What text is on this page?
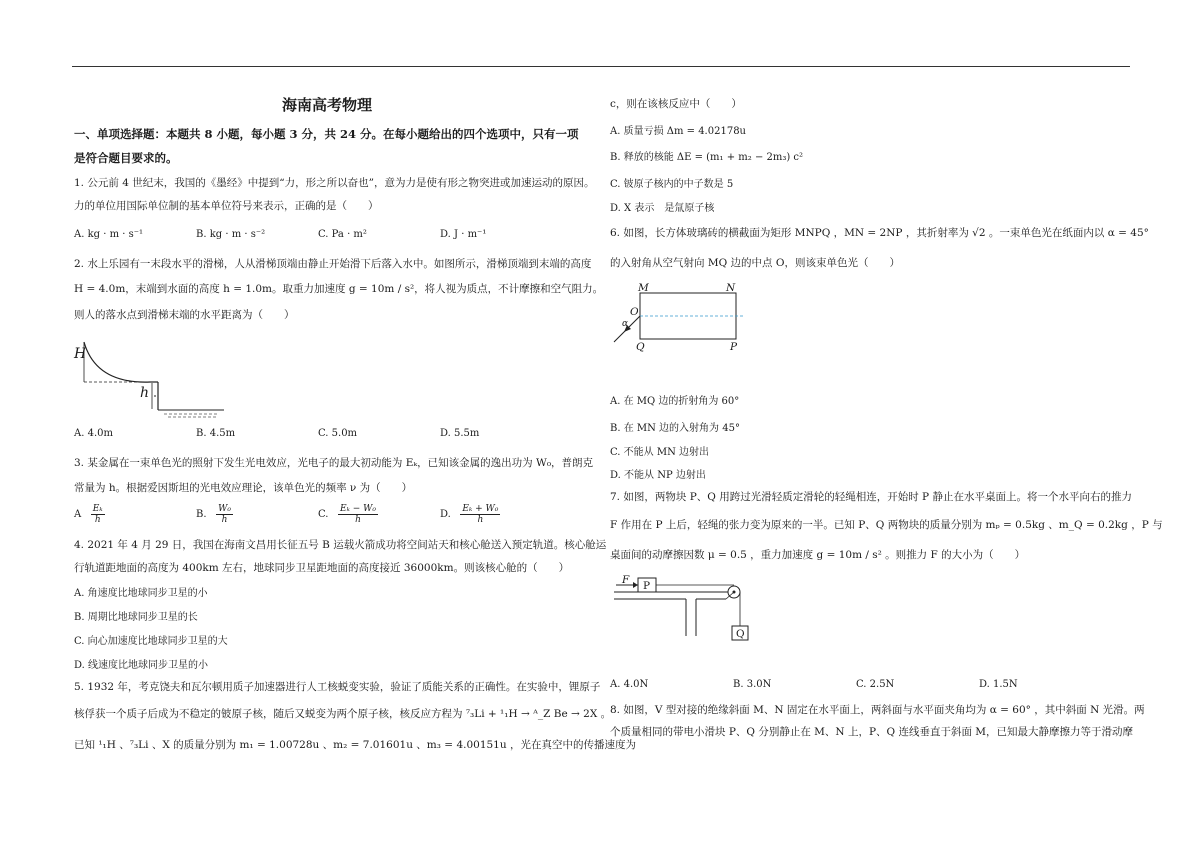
海南高考物理
一、单项选择题：本题共 8 小题，每小题 3 分，共 24 分。在每小题给出的四个选项中，只有一项
是符合题目要求的。
1. 公元前 4 世纪末，我国的《墨经》中提到“力，形之所以奋也”，意为力是使有形之物突进或加速运动的原因。
力的单位用国际单位制的基本单位符号来表示，正确的是（　　）
A. kg · m · s⁻¹	B. kg · m · s⁻²	C. Pa · m²	D. J · m⁻¹
2. 水上乐园有一末段水平的滑梯，人从滑梯顶端由静止开始滑下后落入水中。如图所示，滑梯顶端到末端的高度
H = 4.0m，末端到水面的高度 h = 1.0m。取重力加速度 g = 10m / s²，将人视为质点，不计摩擦和空气阻力。
则人的落水点到滑梯末端的水平距离为（　　）
H
h
A. 4.0m	B. 4.5m	C. 5.0m	D. 5.5m
3. 某金属在一束单色光的照射下发生光电效应，光电子的最大初动能为 Eₖ，已知该金属的逸出功为 W₀，普朗克
常量为 h。根据爱因斯坦的光电效应理论，该单色光的频率 ν 为（　　）
A $\frac{\text{Eₖ}}{h}$	B. $\frac{\text{W₀}}{h}$	C. $\frac{\text{Eₖ − W₀}}{h}$	D. $\frac{\text{Eₖ + W₀}}{h}$
4. 2021 年 4 月 29 日，我国在海南文昌用长征五号 B 运载火箭成功将空间站天和核心舱送入预定轨道。核心舱运
行轨道距地面的高度为 400km 左右，地球同步卫星距地面的高度接近 36000km。则该核心舱的（　　）
A. 角速度比地球同步卫星的小
B. 周期比地球同步卫星的长
C. 向心加速度比地球同步卫星的大
D. 线速度比地球同步卫星的小
5. 1932 年，考克饶夫和瓦尔顿用质子加速器进行人工核蜕变实验，验证了质能关系的正确性。在实验中，锂原子
核俘获一个质子后成为不稳定的铍原子核，随后又蜕变为两个原子核，核反应方程为 ⁷₃Li + ¹₁H → ᴬ_Z Be → 2X 。
已知 ¹₁H 、⁷₃Li 、X 的质量分别为 m₁ = 1.00728u 、m₂ = 7.01601u 、m₃ = 4.00151u ，光在真空中的传播速度为
c，则在该核反应中（　　）
A. 质量亏损 Δm = 4.02178u
B. 释放的核能 ΔE = (m₁ + m₂ − 2m₃) c²
C. 铍原子核内的中子数是 5
D. X 表示　是氚原子核
6. 如图，长方体玻璃砖的横截面为矩形 MNPQ ，MN = 2NP ，其折射率为 √2 。一束单色光在纸面内以 α = 45°
的入射角从空气射向 MQ 边的中点 O，则该束单色光（　　）
M	N
O
α
Q	P
A. 在 MQ 边的折射角为 60°
B. 在 MN 边的入射角为 45°
C. 不能从 MN 边射出
D. 不能从 NP 边射出
7. 如图，两物块 P、Q 用跨过光滑轻质定滑轮的轻绳相连，开始时 P 静止在水平桌面上。将一个水平向右的推力
F 作用在 P 上后，轻绳的张力变为原来的一半。已知 P、Q 两物块的质量分别为 mₚ = 0.5kg 、m_Q = 0.2kg ，P 与
桌面间的动摩擦因数 μ = 0.5 ，重力加速度 g = 10m / s² 。则推力 F 的大小为（　　）
F P
Q
A. 4.0N	B. 3.0N	C. 2.5N	D. 1.5N
8. 如图，V 型对接的绝缘斜面 M、N 固定在水平面上，两斜面与水平面夹角均为 α = 60° ，其中斜面 N 光滑。两
个质量相同的带电小滑块 P、Q 分别静止在 M、N 上，P、Q 连线垂直于斜面 M，已知最大静摩擦力等于滑动摩
